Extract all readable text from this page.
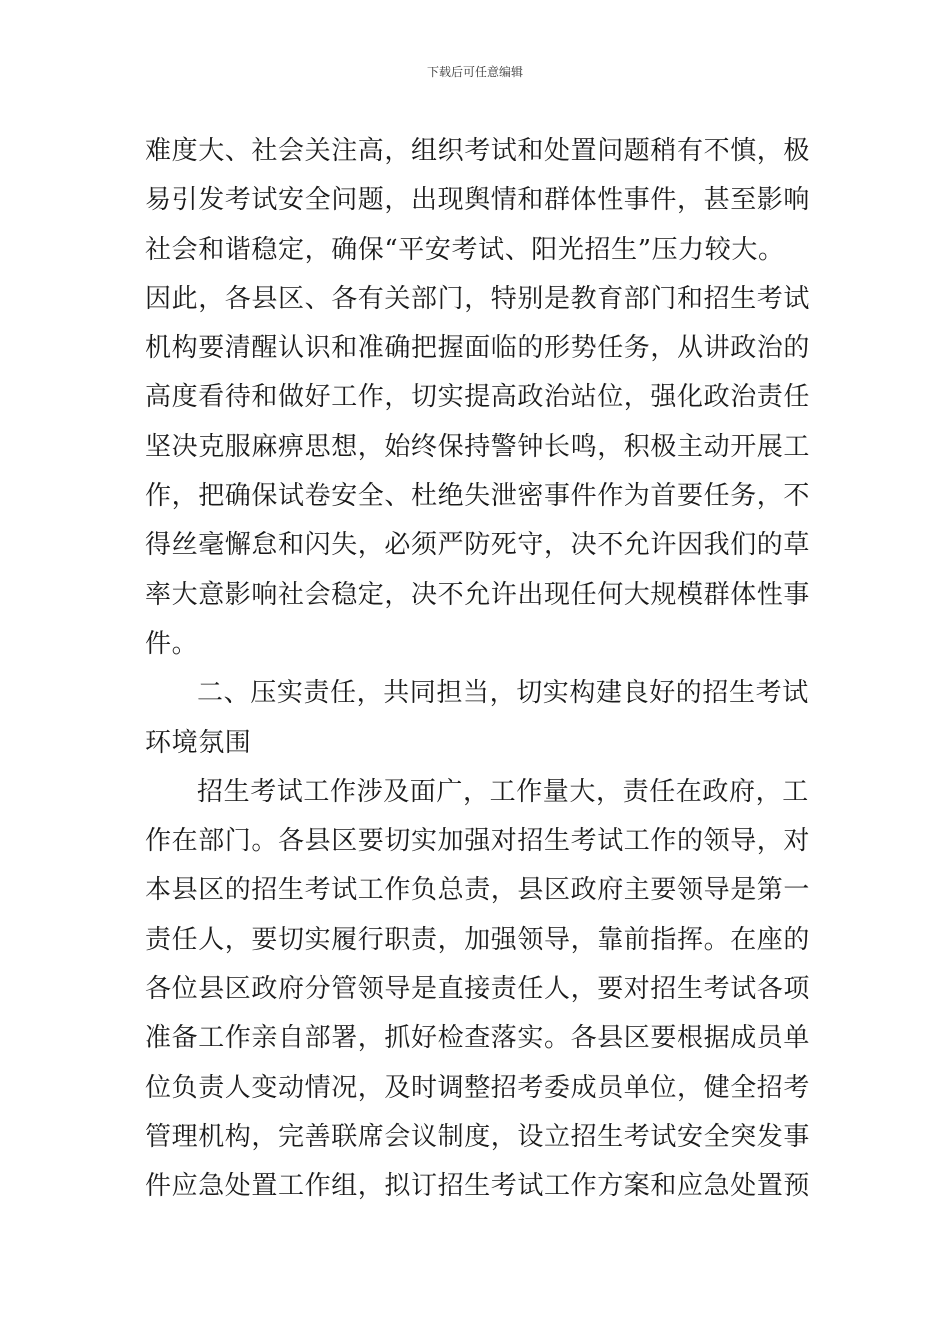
下载后可任意编辑
难度大、社会关注高，组织考试和处置问题稍有不慎，极
易引发考试安全问题，出现舆情和群体性事件，甚至影响
社会和谐稳定，确保“平安考试、阳光招生”压力较大。
因此，各县区、各有关部门，特别是教育部门和招生考试
机构要清醒认识和准确把握面临的形势任务，从讲政治的
高度看待和做好工作，切实提高政治站位，强化政治责任
坚决克服麻痹思想，始终保持警钟长鸣，积极主动开展工
作，把确保试卷安全、杜绝失泄密事件作为首要任务，不
得丝毫懈怠和闪失，必须严防死守，决不允许因我们的草
率大意影响社会稳定，决不允许出现任何大规模群体性事
件。
二、压实责任，共同担当，切实构建良好的招生考试
环境氛围
招生考试工作涉及面广，工作量大，责任在政府，工
作在部门。各县区要切实加强对招生考试工作的领导，对
本县区的招生考试工作负总责，县区政府主要领导是第一
责任人，要切实履行职责，加强领导，靠前指挥。在座的
各位县区政府分管领导是直接责任人，要对招生考试各项
准备工作亲自部署，抓好检查落实。各县区要根据成员单
位负责人变动情况，及时调整招考委成员单位，健全招考
管理机构，完善联席会议制度，设立招生考试安全突发事
件应急处置工作组，拟订招生考试工作方案和应急处置预
